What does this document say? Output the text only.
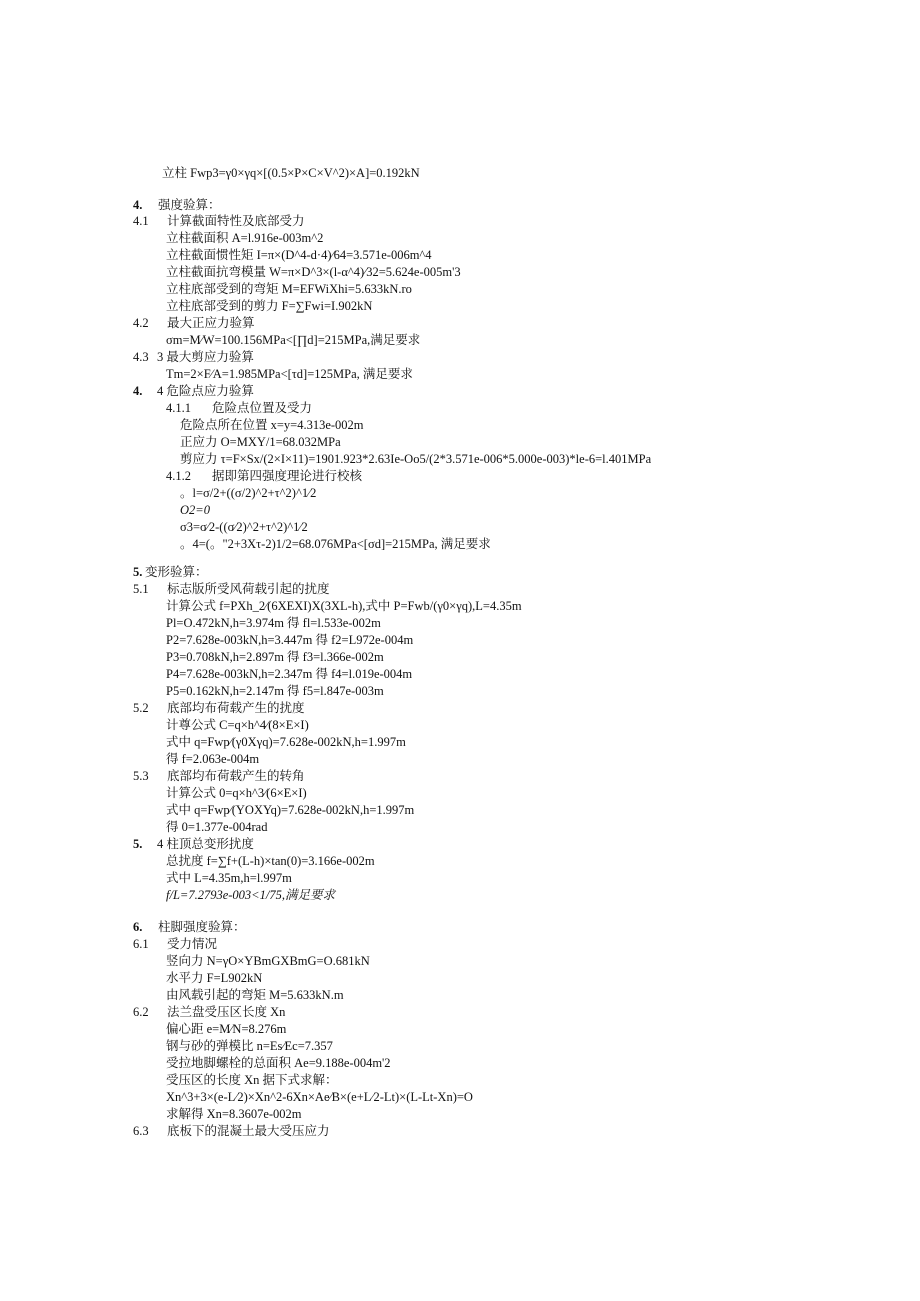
立柱 Fwp3=γ0×γq×[(0.5×P×C×V^2)×A]=0.192kN
4. 强度验算：
4.1 计算截面特性及底部受力
立柱截面积 A=l.916e-003m^2
立柱截面惯性矩 I=π×(D^4-d·4)⁄64=3.571e-006m^4
立柱截面抗弯模量 W=π×D^3×(l-α^4)⁄32=5.624e-005m'3
立柱底部受到的弯矩 M=EFWiXhi=5.633kN.ro
立柱底部受到的剪力 F=∑Fwi=I.902kN
4.2 最大正应力验算
σm=M⁄W=100.156MPa<[∏d]=215MPa,满足要求
4.3 3 最大剪应力验算
Tm=2×F⁄A=1.985MPa<[τd]=125MPa, 满足要求
4. 4 危险点应力验算
4.1.1 危险点位置及受力
危险点所在位置 x=y=4.313e-002m
正应力 O=MXY/1=68.032MPa
剪应力 τ=F×Sx/(2×I×11)=1901.923*2.63Ie-Oo5/(2*3.571e-006*5.000e-003)*le-6=l.401MPa
4.1.2 据即第四强度理论进行校核
。l=σ/2+((σ/2)^2+τ^2)^1⁄2
O2=0
σ3=σ⁄2-((σ⁄2)^2+τ^2)^1⁄2
。4=(。"2+3Xτ-2)1/2=68.076MPa<[σd]=215MPa, 满足要求
5. 变形验算：
5.1 标志版所受风荷载引起的扰度
计算公式 f=PXh_2⁄(6XEXI)X(3XL-h),式中 P=Fwb/(γ0×γq),L=4.35m
Pl=O.472kN,h=3.974m 得 fl=l.533e-002m
P2=7.628e-003kN,h=3.447m 得 f2=L972e-004m
P3=0.708kN,h=2.897m 得 f3=l.366e-002m
P4=7.628e-003kN,h=2.347m 得 f4=l.019e-004m
P5=0.162kN,h=2.147m 得 f5=l.847e-003m
5.2 底部均布荷载产生的扰度
计尊公式 C=q×h^4⁄(8×E×I)
式中 q=Fwp⁄(γ0Xγq)=7.628e-002kN,h=1.997m
得 f=2.063e-004m
5.3 底部均布荷载产生的转角
计算公式 0=q×h^3⁄(6×E×I)
式中 q=Fwp⁄(YOXYq)=7.628e-002kN,h=1.997m
得 0=1.377e-004rad
5. 4 柱顶总变形扰度
总扰度 f=∑f+(L-h)×tan(0)=3.166e-002m
式中 L=4.35m,h=l.997m
f/L=7.2793e-003<1/75,满足要求
6. 柱脚强度验算：
6.1 受力情况
竖向力 N=γO×YBmGXBmG=O.681kN
水平力 F=L902kN
由风载引起的弯矩 M=5.633kN.m
6.2 法兰盘受压区长度 Xn
偏心距 e=M⁄N=8.276m
钢与砂的弹模比 n=Es⁄Ec=7.357
受拉地脚螺栓的总面积 Ae=9.188e-004m'2
受压区的长度 Xn 据下式求解：
Xn^3+3×(e-L⁄2)×Xn^2-6Xn×Ae⁄B×(e+L⁄2-Lt)×(L-Lt-Xn)=O
求解得 Xn=8.3607e-002m
6.3 底板下的混凝土最大受压应力
